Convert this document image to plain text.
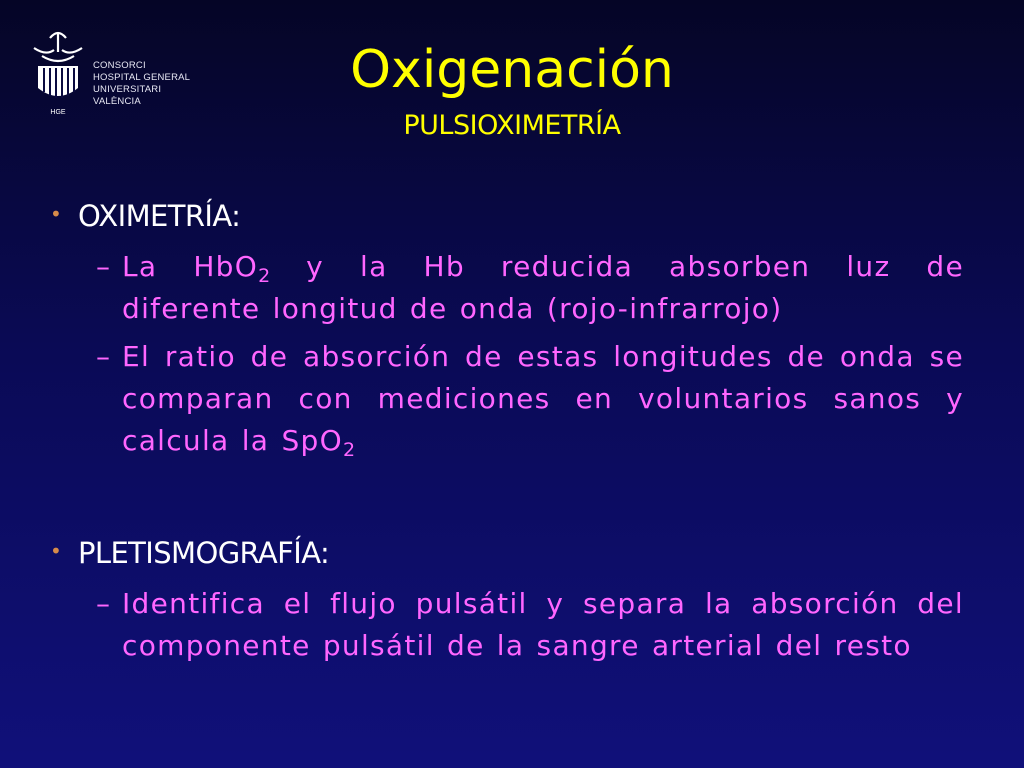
HGE
CONSORCI
HOSPITAL GENERAL
UNIVERSITARI
VALÈNCIA
Oxigenación
PULSIOXIMETRÍA
• OXIMETRÍA:
– La HbO$_2$ y la Hb reducida absorben luz de
diferente longitud de onda (rojo-infrarrojo)
– El ratio de absorción de estas longitudes de onda se comparan con mediciones en voluntarios sanos y calcula la SpO$_2$
• PLETISMOGRAFÍA:
– Identifica el flujo pulsátil y separa la absorción del componente pulsátil de la sangre arterial del resto
